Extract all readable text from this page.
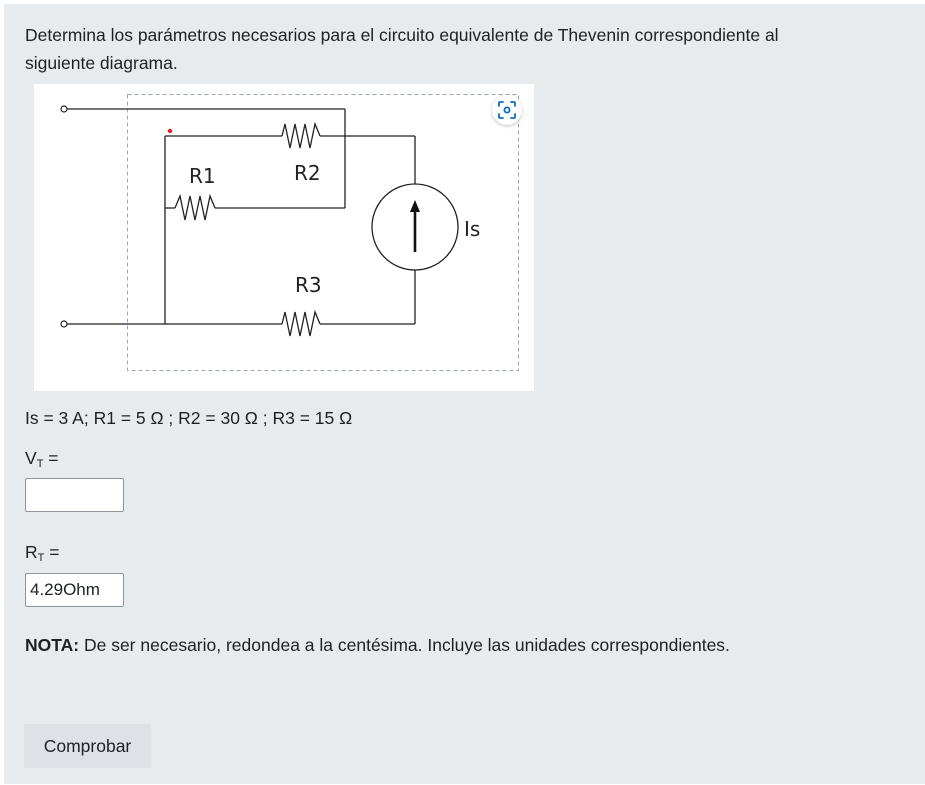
Determina los parámetros necesarios para el circuito equivalente de Thevenin correspondiente al siguiente diagrama.
R1	R2
R3
Is
Is = 3 A; R1 = 5 Ω ; R2 = 30 Ω ; R3 = 15 Ω
$V_T$ =
$R_T$ =
4.29Ohm
NOTA: De ser necesario, redondea a la centésima. Incluye las unidades correspondientes.
Comprobar
